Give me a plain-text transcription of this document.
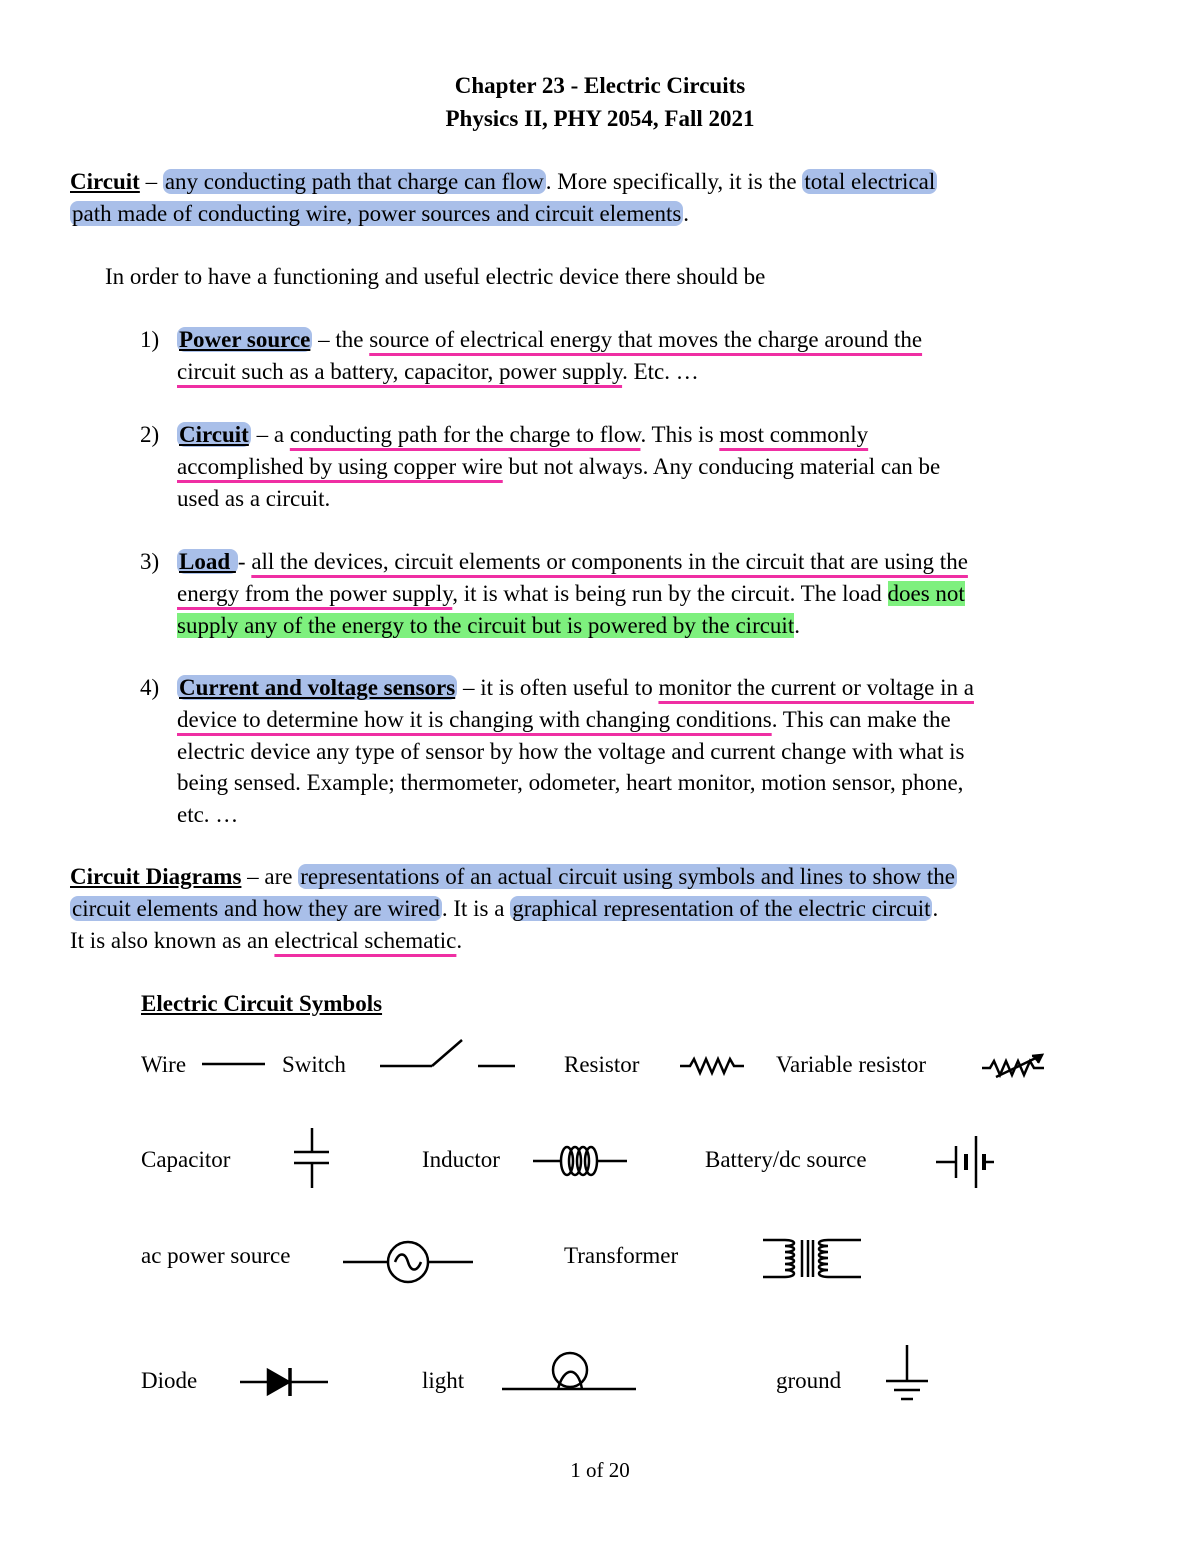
Chapter 23 - Electric Circuits
Physics II, PHY 2054, Fall 2021
Circuit – any conducting path that charge can flow. More specifically, it is the total electrical
path made of conducting wire, power sources and circuit elements.
In order to have a functioning and useful electric device there should be
1) Power source – the source of electrical energy that moves the charge around the
circuit such as a battery, capacitor, power supply. Etc. …
2) Circuit – a conducting path for the charge to flow. This is most commonly
accomplished by using copper wire but not always. Any conducing material can be
used as a circuit.
3) Load - all the devices, circuit elements or components in the circuit that are using the
energy from the power supply, it is what is being run by the circuit. The load does not
supply any of the energy to the circuit but is powered by the circuit.
4) Current and voltage sensors – it is often useful to monitor the current or voltage in a
device to determine how it is changing with changing conditions. This can make the
electric device any type of sensor by how the voltage and current change with what is
being sensed. Example; thermometer, odometer, heart monitor, motion sensor, phone,
etc. …
Circuit Diagrams – are representations of an actual circuit using symbols and lines to show the
circuit elements and how they are wired. It is a graphical representation of the electric circuit.
It is also known as an electrical schematic.
Electric Circuit Symbols
Wire	Switch	Resistor	Variable resistor
Capacitor	Inductor	Battery/dc source
ac power source	Transformer
Diode	light	ground
1 of 20
